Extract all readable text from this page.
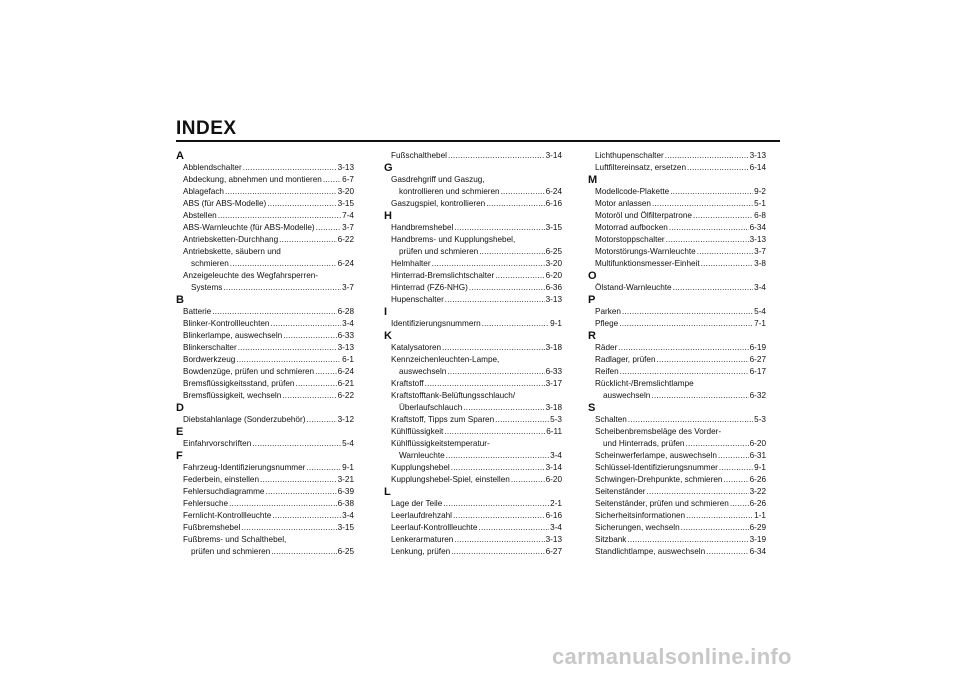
INDEX
A
Abblendschalter .....	3-13
Abdeckung, abnehmen und montieren ..... 6-7
Ablagefach .....	3-20
ABS (für ABS-Modelle) .....	3-15
Abstellen .....	7-4
ABS-Warnleuchte (für ABS-Modelle) .....	3-7
Antriebsketten-Durchhang .....	6-22
Antriebskette, säubern und
schmieren .....	6-24
Anzeigeleuchte des Wegfahrsperren-
Systems .....	3-7
B
Batterie .....	6-28
Blinker-Kontrollleuchten .....	3-4
Blinkerlampe, auswechseln .....	6-33
Blinkerschalter .....	3-13
Bordwerkzeug .....	6-1
Bowdenzüge, prüfen und schmieren .....	6-24
Bremsflüssigkeitsstand, prüfen .....	6-21
Bremsflüssigkeit, wechseln .....	6-22
D
Diebstahlanlage (Sonderzubehör) .....	3-12
E
Einfahrvorschriften .....	5-4
F
Fahrzeug-Identifizierungsnummer .....	9-1
Federbein, einstellen .....	3-21
Fehlersuchdiagramme .....	6-39
Fehlersuche .....	6-38
Fernlicht-Kontrollleuchte .....	3-4
Fußbremshebel .....	3-15
Fußbrems- und Schalthebel,
prüfen und schmieren .....	6-25
Fußschalthebel .....	3-14
G
Gasdrehgriff und Gaszug,
kontrollieren und schmieren .....	6-24
Gaszugspiel, kontrollieren .....	6-16
H
Handbremshebel .....	3-15
Handbrems- und Kupplungshebel,
prüfen und schmieren .....	6-25
Helmhalter .....	3-20
Hinterrad-Bremslichtschalter .....	6-20
Hinterrad (FZ6-NHG) .....	6-36
Hupenschalter .....	3-13
I
Identifizierungsnummern .....	9-1
K
Katalysatoren .....	3-18
Kennzeichenleuchten-Lampe,
auswechseln .....	6-33
Kraftstoff .....	3-17
Kraftstofftank-Belüftungsschlauch/
Überlaufschlauch .....	3-18
Kraftstoff, Tipps zum Sparen .....	5-3
Kühlflüssigkeit .....	6-11
Kühlflüssigkeitstemperatur-
Warnleuchte .....	3-4
Kupplungshebel .....	3-14
Kupplungshebel-Spiel, einstellen .....	6-20
L
Lage der Teile .....	2-1
Leerlaufdrehzahl .....	6-16
Leerlauf-Kontrollleuchte .....	3-4
Lenkerarmaturen .....	3-13
Lenkung, prüfen .....	6-27
Lichthupenschalter .....	3-13
Luftfiltereinsatz, ersetzen .....	6-14
M
Modellcode-Plakette .....	9-2
Motor anlassen .....	5-1
Motoröl und Ölfilterpatrone .....	6-8
Motorrad aufbocken .....	6-34
Motorstoppschalter .....	3-13
Motorstörungs-Warnleuchte .....	3-7
Multifunktionsmesser-Einheit .....	3-8
O
Ölstand-Warnleuchte .....	3-4
P
Parken .....	5-4
Pflege .....	7-1
R
Räder .....	6-19
Radlager, prüfen .....	6-27
Reifen .....	6-17
Rücklicht-/Bremslichtlampe
auswechseln .....	6-32
S
Schalten .....	5-3
Scheibenbremsbeläge des Vorder-
und Hinterrads, prüfen .....	6-20
Scheinwerferlampe, auswechseln .....	6-31
Schlüssel-Identifizierungsnummer .....	9-1
Schwingen-Drehpunkte, schmieren .....	6-26
Seitenständer .....	3-22
Seitenständer, prüfen und schmieren .....	6-26
Sicherheitsinformationen .....	1-1
Sicherungen, wechseln .....	6-29
Sitzbank .....	3-19
Standlichtlampe, auswechseln .....	6-34
carmanualsonline.info
